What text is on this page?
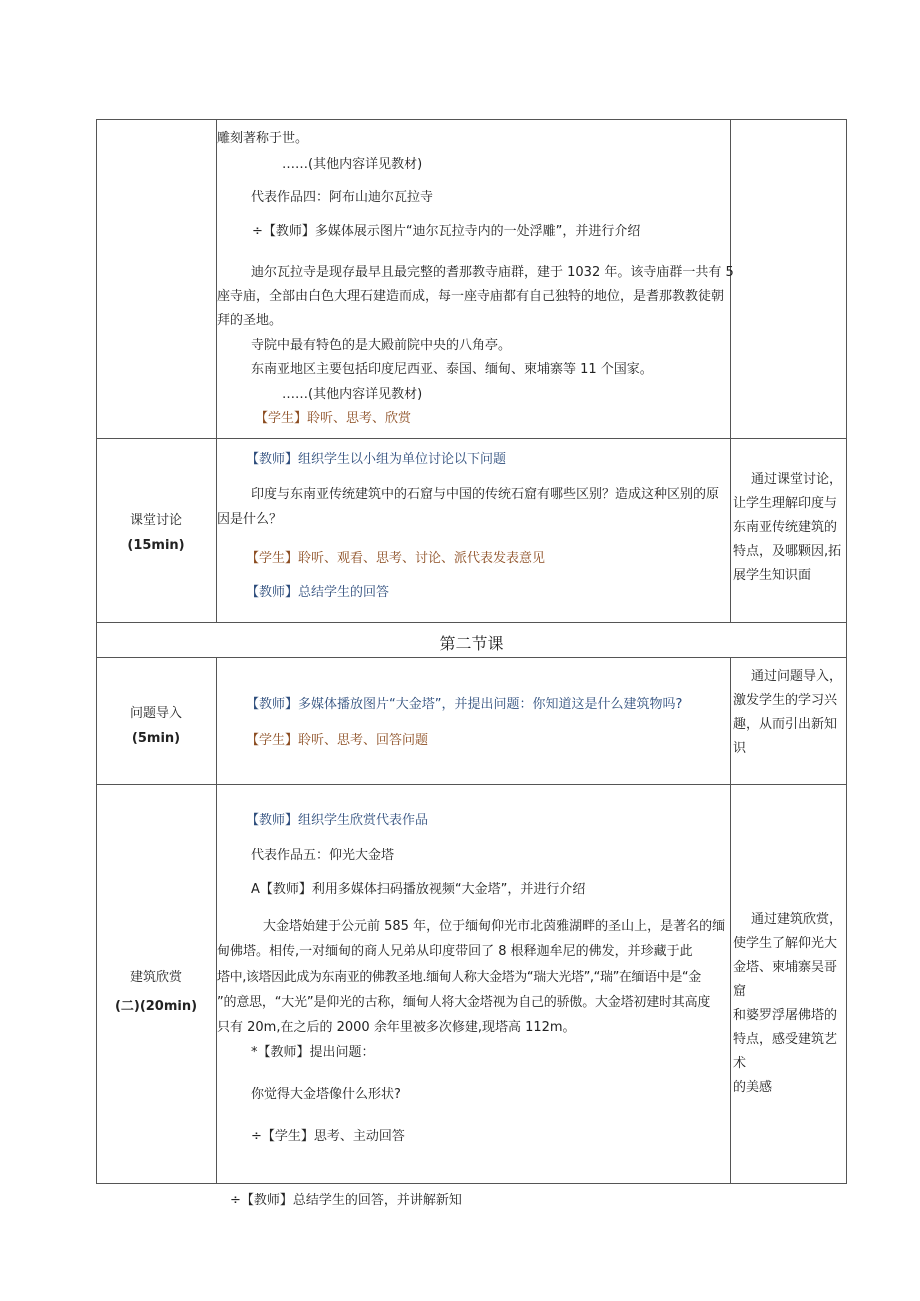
雕刻著称于世。
……(其他内容详见教材)
代表作品四：阿布山迪尔瓦拉寺
÷【教师】多媒体展示图片“迪尔瓦拉寺内的一处浮雕”，并进行介绍
迪尔瓦拉寺是现存最早且最完整的耆那教寺庙群，建于 1032 年。该寺庙群一共有 5
座寺庙，全部由白色大理石建造而成，每一座寺庙都有自己独特的地位，是耆那教教徒朝
拜的圣地。
寺院中最有特色的是大殿前院中央的八角亭。
东南亚地区主要包括印度尼西亚、泰国、缅甸、柬埔寨等 11 个国家。
……(其他内容详见教材)
【学生】聆听、思考、欣赏
课堂讨论
(15min)
【教师】组织学生以小组为单位讨论以下问题
印度与东南亚传统建筑中的石窟与中国的传统石窟有哪些区别？造成这种区别的原
因是什么？
【学生】聆听、观看、思考、讨论、派代表发表意见
【教师】总结学生的回答
通过课堂讨论，
让学生理解印度与
东南亚传统建筑的
特点，及哪颗因,拓
展学生知识面
第二节课
问题导入
(5min)
【教师】多媒体播放图片“大金塔”，并提出问题：你知道这是什么建筑物吗?
【学生】聆听、思考、回答问题
通过问题导入，
激发学生的学习兴
趣，从而引出新知识
建筑欣赏
(二)(20min)
【教师】组织学生欣赏代表作品
代表作品五：仰光大金塔
A【教师】利用多媒体扫码播放视频“大金塔”，并进行介绍
大金塔始建于公元前 585 年，位于缅甸仰光市北茵雅湖畔的圣山上，是著名的缅
甸佛塔。相传,一对缅甸的商人兄弟从印度带回了 8 根释迦牟尼的佛发，并珍藏于此
塔中,该塔因此成为东南亚的佛教圣地.缅甸人称大金塔为“瑞大光塔”,“瑞”在缅语中是“金
”的意思，“大光”是仰光的古称，缅甸人将大金塔视为自己的骄傲。大金塔初建时其高度
只有 20m,在之后的 2000 余年里被多次修建,现塔高 112m。
*【教师】提出问题：
你觉得大金塔像什么形状?
÷【学生】思考、主动回答
通过建筑欣赏，
使学生了解仰光大
金塔、柬埔寨吴哥窟
和婆罗浮屠佛塔的
特点，感受建筑艺术
的美感
÷【教师】总结学生的回答，并讲解新知
